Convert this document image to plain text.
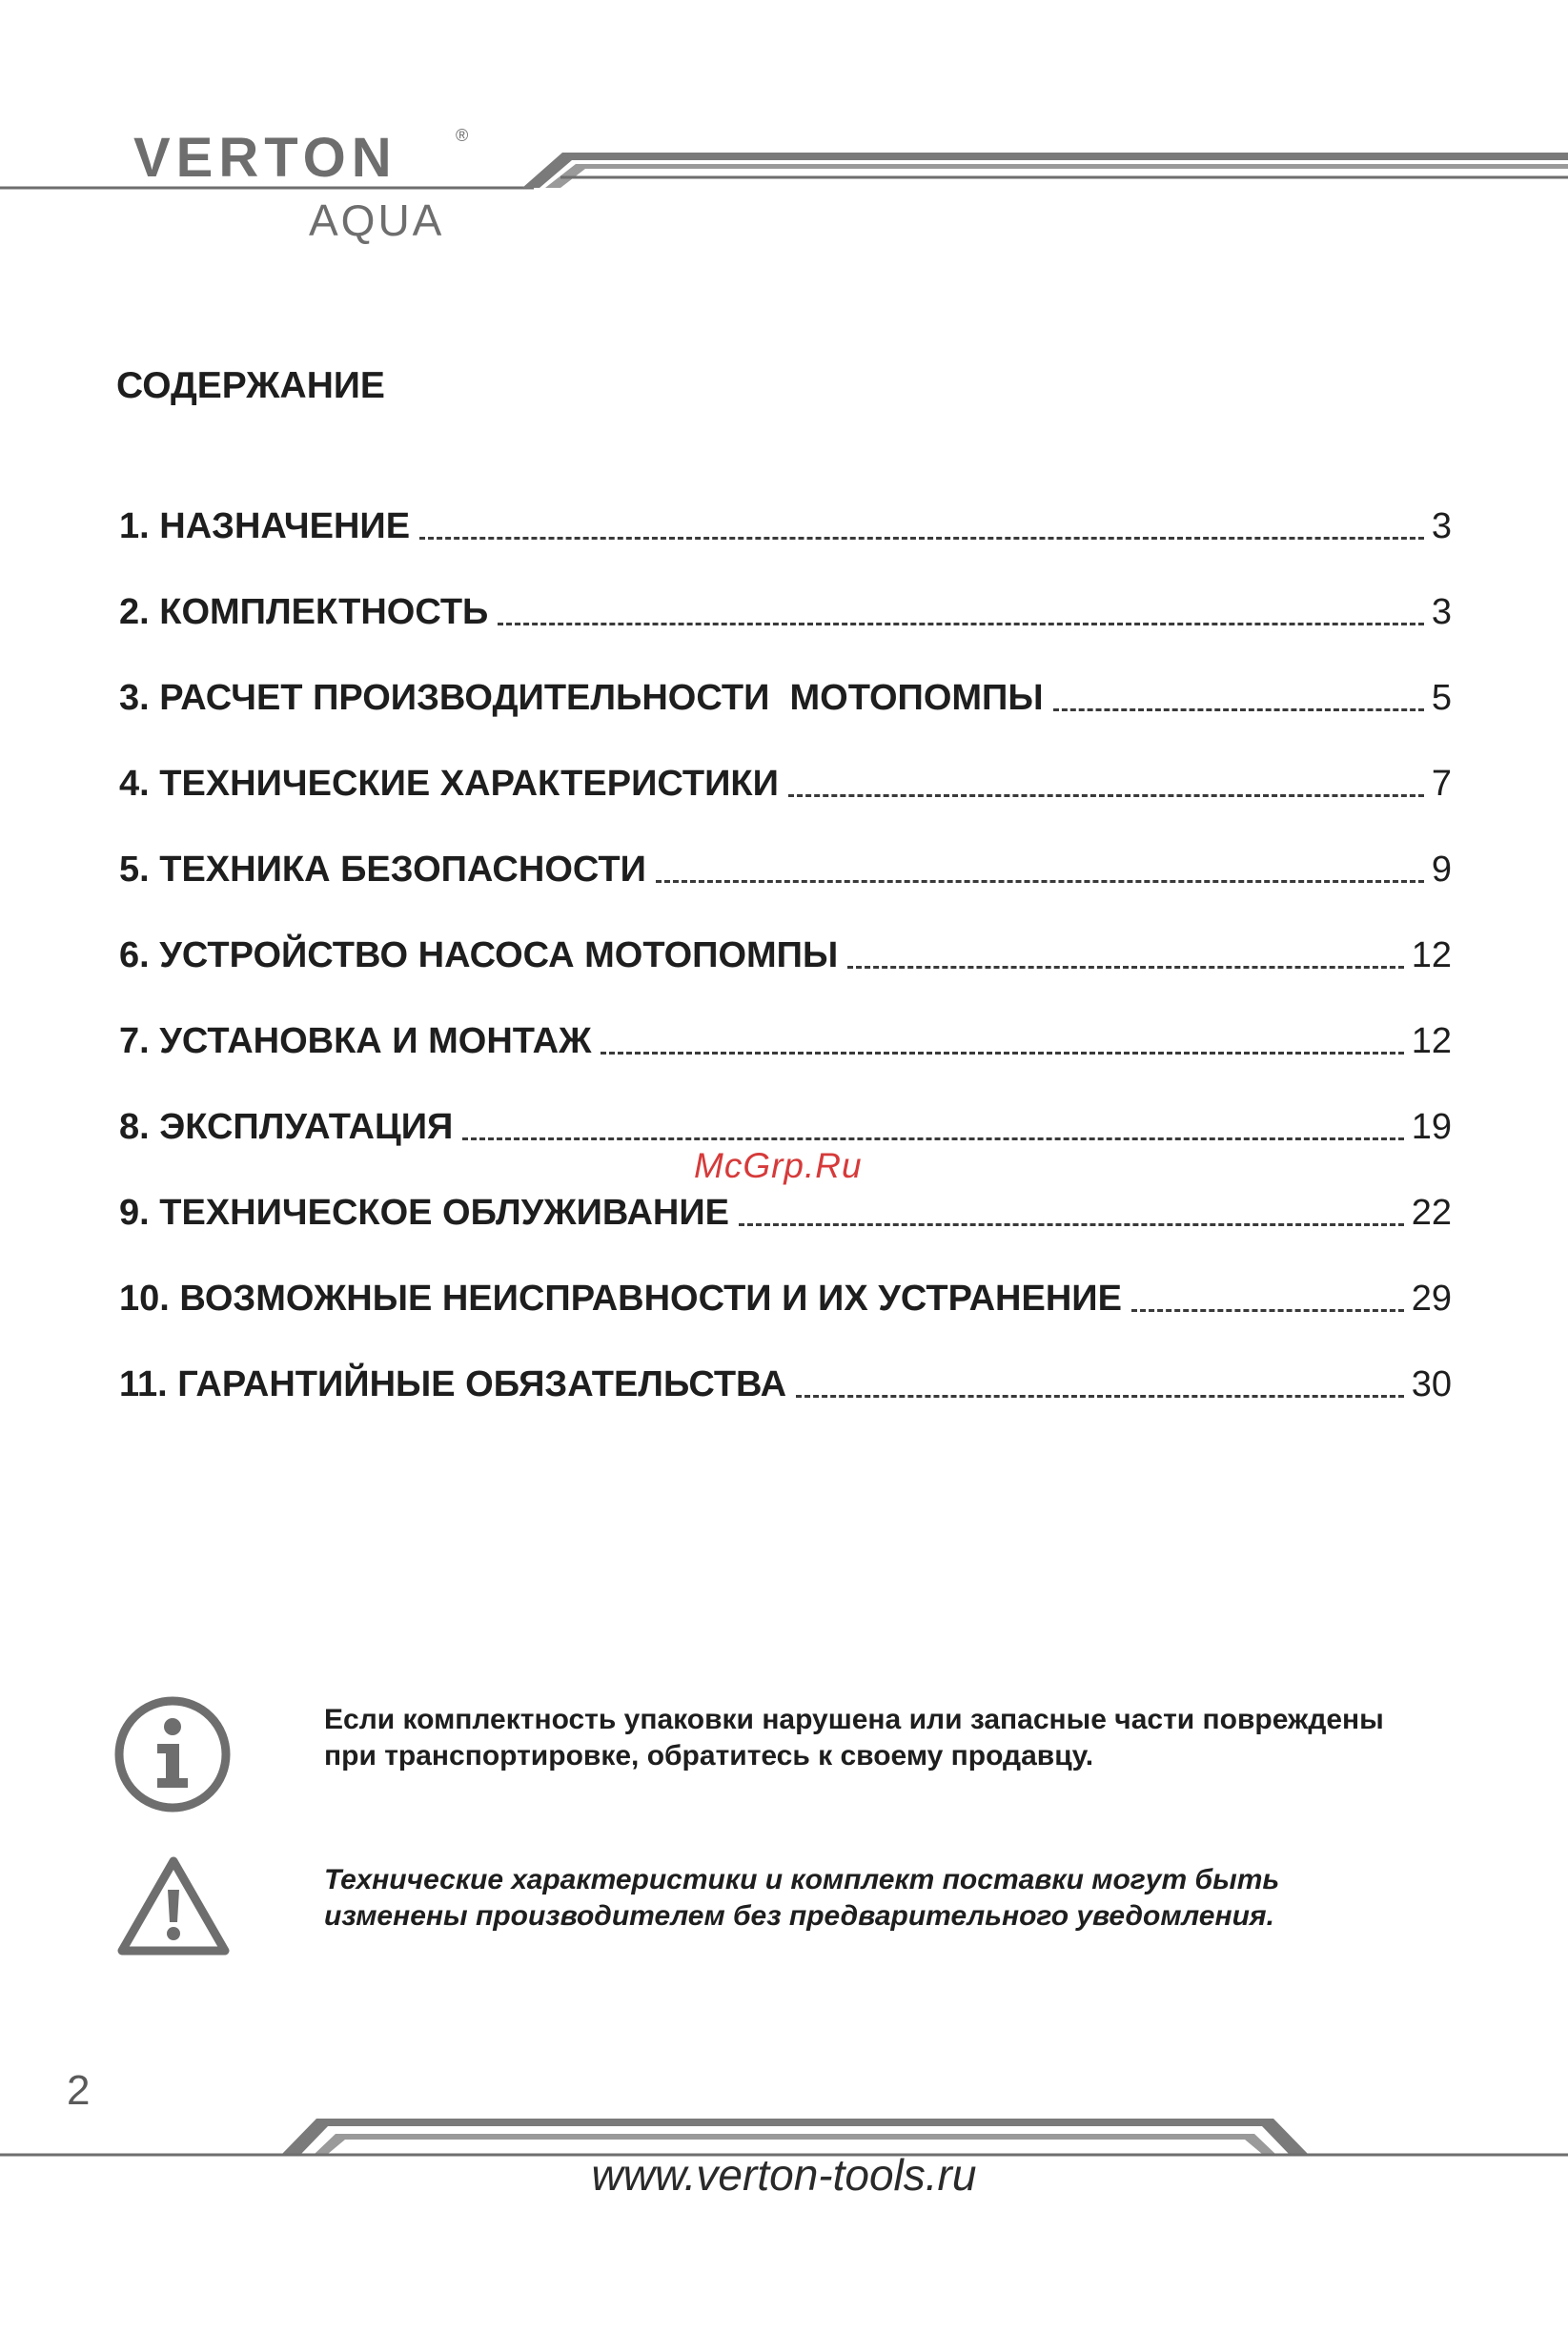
VERTON	®
AQUA
СОДЕРЖАНИЕ
1. НАЗНАЧЕНИЕ	3
2. КОМПЛЕКТНОСТЬ	3
3. РАСЧЕТ ПРОИЗВОДИТЕЛЬНОСТИ  МОТОПОМПЫ	5
4. ТЕХНИЧЕСКИЕ ХАРАКТЕРИСТИКИ	7
5. ТЕХНИКА БЕЗОПАСНОСТИ	9
6. УСТРОЙСТВО НАСОСА МОТОПОМПЫ	12
7. УСТАНОВКА И МОНТАЖ	12
8. ЭКСПЛУАТАЦИЯ	19
9. ТЕХНИЧЕСКОЕ ОБЛУЖИВАНИЕ	22
10. ВОЗМОЖНЫЕ НЕИСПРАВНОСТИ И ИХ УСТРАНЕНИЕ	29
11. ГАРАНТИЙНЫЕ ОБЯЗАТЕЛЬСТВА	30
McGrp.Ru
Если комплектность упаковки нарушена или запасные части повреждены при транспортировке, обратитесь к своему продавцу.
Технические характеристики и комплект поставки могут быть изменены производителем без предварительного уведомления.
2
www.verton-tools.ru
